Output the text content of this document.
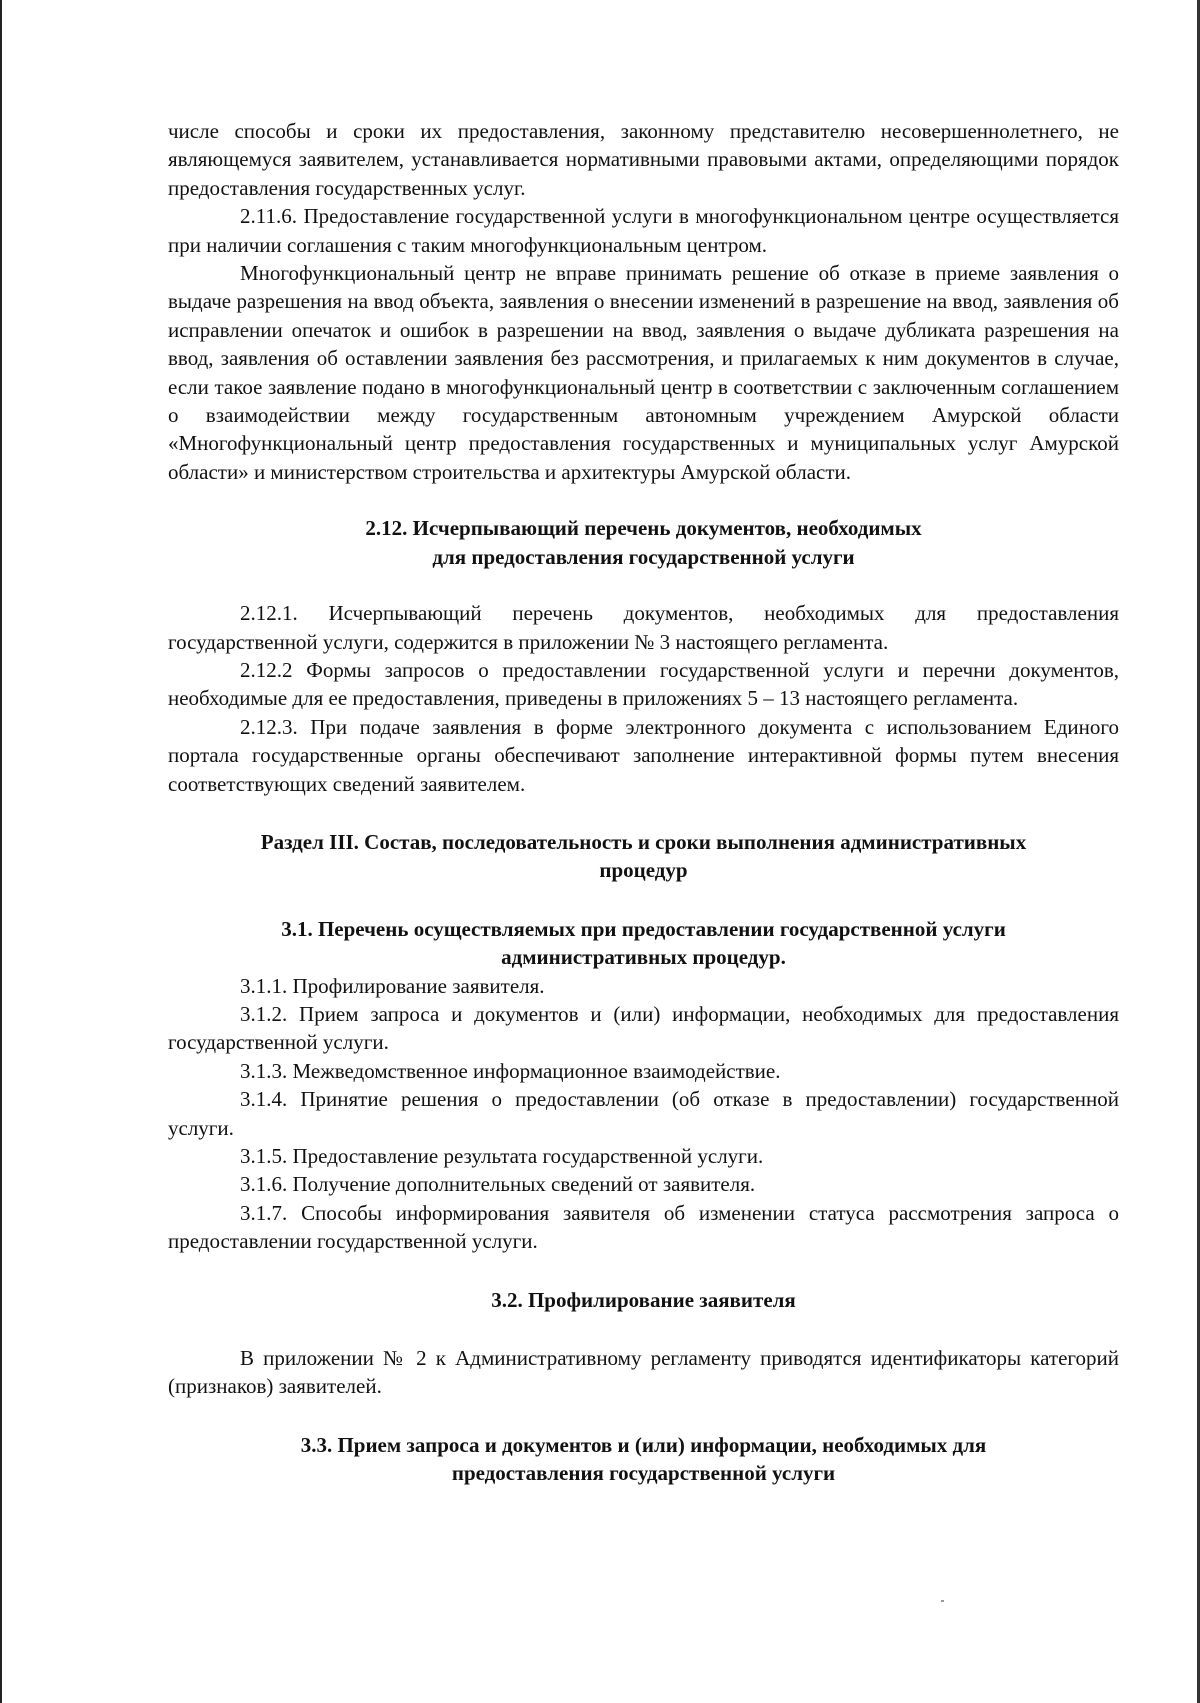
числе способы и сроки их предоставления, законному представителю несовершеннолетнего, не являющемуся заявителем, устанавливается нормативными правовыми актами, определяющими порядок предоставления государственных услуг.

2.11.6. Предоставление государственной услуги в многофункциональном центре осуществляется при наличии соглашения с таким многофункциональным центром.

Многофункциональный центр не вправе принимать решение об отказе в приеме заявления о выдаче разрешения на ввод объекта, заявления о внесении изменений в разрешение на ввод, заявления об исправлении опечаток и ошибок в разрешении на ввод, заявления о выдаче дубликата разрешения на ввод, заявления об оставлении заявления без рассмотрения, и прилагаемых к ним документов в случае, если такое заявление подано в многофункциональный центр в соответствии с заключенным соглашением о взаимодействии между государственным автономным учреждением Амурской области «Многофункциональный центр предоставления государственных и муниципальных услуг Амурской области» и министерством строительства и архитектуры Амурской области.

2.12. Исчерпывающий перечень документов, необходимых
для предоставления государственной услуги

2.12.1. Исчерпывающий перечень документов, необходимых для предоставления государственной услуги, содержится в приложении № 3 настоящего регламента.

2.12.2 Формы запросов о предоставлении государственной услуги и перечни документов, необходимые для ее предоставления, приведены в приложениях 5 – 13 настоящего регламента.

2.12.3. При подаче заявления в форме электронного документа с использованием Единого портала государственные органы обеспечивают заполнение интерактивной формы путем внесения соответствующих сведений заявителем.

Раздел III. Состав, последовательность и сроки выполнения административных
процедур
3.1. Перечень осуществляемых при предоставлении государственной услуги
административных процедур.

3.1.1. Профилирование заявителя.

3.1.2. Прием запроса и документов и (или) информации, необходимых для предоставления государственной услуги.

3.1.3. Межведомственное информационное взаимодействие.

3.1.4. Принятие решения о предоставлении (об отказе в предоставлении) государственной услуги.

3.1.5. Предоставление результата государственной услуги.

3.1.6. Получение дополнительных сведений от заявителя.

3.1.7. Способы информирования заявителя об изменении статуса рассмотрения запроса о предоставлении государственной услуги.

3.2. Профилирование заявителя

В приложении № 2 к Административному регламенту приводятся идентификаторы категорий (признаков) заявителей.

3.3. Прием запроса и документов и (или) информации, необходимых для
предоставления государственной услуги
